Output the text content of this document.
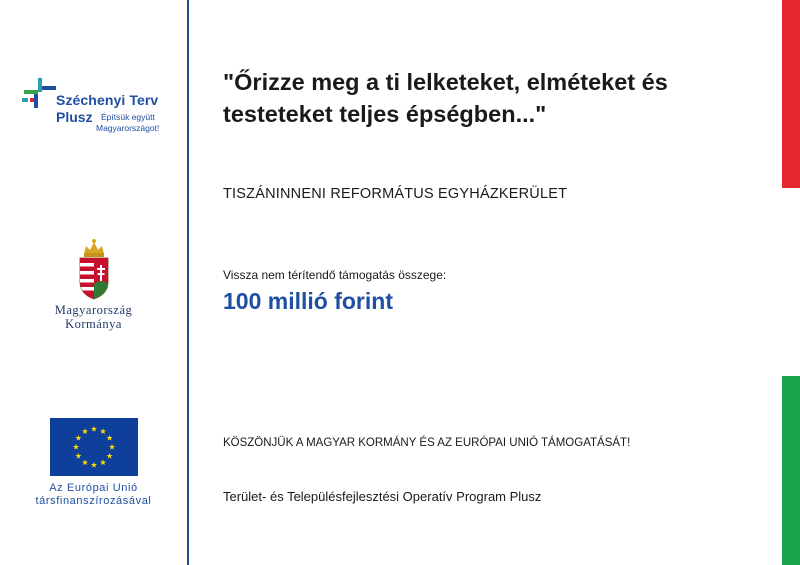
Széchenyi Terv
Plusz Építsük együtt
Magyarországot!
Magyarország
Kormánya
Az Európai Unió
társfinanszírozásával
"Őrizze meg a ti lelketeket, elméteket és testeteket teljes épségben..."
TISZÁNINNENI REFORMÁTUS EGYHÁZKERÜLET
Vissza nem térítendő támogatás összege:
100 millió forint
KÖSZÖNJÜK A MAGYAR KORMÁNY ÉS AZ EURÓPAI UNIÓ TÁMOGATÁSÁT!
Terület- és Településfejlesztési Operatív Program Plusz
